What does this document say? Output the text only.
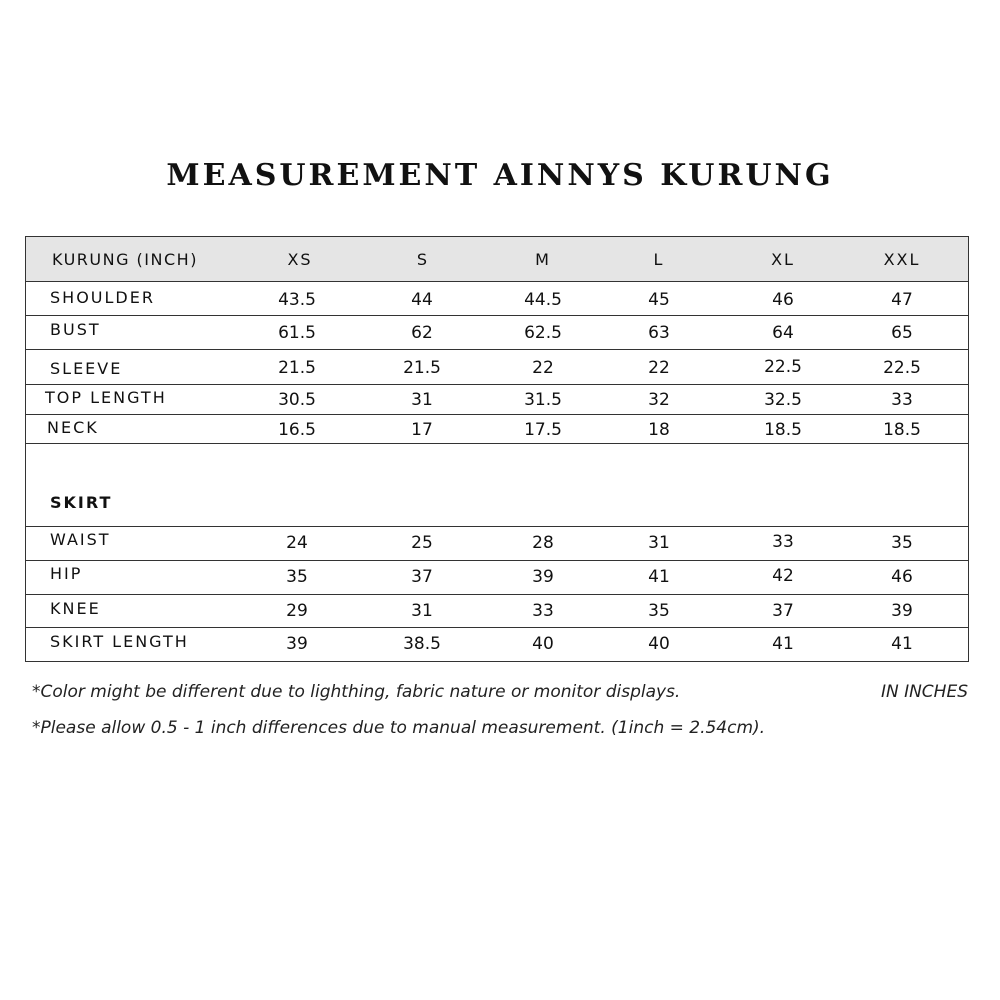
MEASUREMENT AINNYS KURUNG
KURUNG (INCH)	XS	S	M	L	XL	XXL
SHOULDER	43.5	44	44.5	45	46	47
BUST	61.5	62	62.5	63	64	65
SLEEVE	21.5	21.5	22	22	22.5	22.5
TOP LENGTH	30.5	31	31.5	32	32.5	33
NECK	16.5	17	17.5	18	18.5	18.5
SKIRT
WAIST	24	25	28	31	33	35
HIP	35	37	39	41	42	46
KNEE	29	31	33	35	37	39
SKIRT LENGTH	39	38.5	40	40	41	41
*Color might be different due to lighthing, fabric nature or monitor displays.	IN INCHES
*Please allow 0.5 - 1 inch differences due to manual measurement. (1inch = 2.54cm).
